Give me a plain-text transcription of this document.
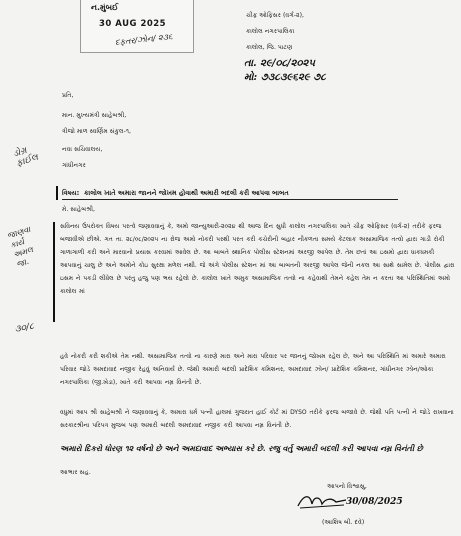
ન.મુંબઈ
30 AUG 2025
દફતર/ઝોન/ ૨૩૬
ચીફ ઓફિસર (વર્ગ-૨),
કાલોલ નગરપાલિકા
કાલોલ, જિ. પાટણ
તા. ૨૯/૦૮/૨૦૨૫
મો: ૭૩૮૩૯૬૨૯ ૭૮
પ્રતિ,
માન. મુખ્યમંત્રી સાહેબશ્રી,
ત્રીજો માળ સ્વર્ણિમ સંકુલ-૧,
નવા સચિવાલય,
ગાંધીનગર
ડોગ્ર
ફાઈલ
જાણવા
કાર્ય
અમલ
જા.
૩૦/૮
વિષય: કાલોલ ખાતે અમારા જાનને જોખમ હોવાથી અમારી બદલી કરી આપવા બાબત
મે. સાહેબશ્રી,
સવિનય ઉપરોક્ત વિષય પરત્વે જણાવવાનું કે, અમો જાન્યુઆરી-૨૦૨૪ થી આજ દિન સુધી કાલોલ નગરપાલિકા ખાતે ચીફ ઓફિસર (વર્ગ-૨) તરીકે ફરજ બજાવીએ છીએ. ગત તા. ૨૮/૦૮/૨૦૨૫ ના રોજ અમો નોકરી પરથી પરત કરી કચેરીની બહાર નીકળતા સમયે કેટલાક અસામાજિક તત્વો દ્વારા ગાડી રોકી ગાળાગાળી કરી અને મારવાનો પ્રયાસ કરવામાં આવેલ છે. આ બાબતે સ્થાનિક પોલીસ સ્ટેશનમાં અરજી આપેલ છે. તેમ છતાં આ ઇસમો દ્વારા ધાકધમકી આપવાનું ચાલુ છે અને અમોને કોઇ સુરક્ષા મળેલ નથી. જે અંગે પોલીસ સ્ટેશન માં આ બાબતની અરજી આપેલ જેની નકલ આ સાથે સામેલ છે. પોલીસ દ્વારા ઇસમ ને પકડી લીધેલ છે પરંતુ હજુ પણ ભય રહેલો છે. કાલોલ ખાતે અમુક અસામાજિક તત્વો ના કહેવાથી તેમને કહેલ તેમ ન કરતા આ પરિસ્થિતિમાં અમો કાલોલ માં
હવે નોકરી કરી શકીએ તેમ નથી. અસામાજિક તત્વો ના કારણે મારા અને મારા પરિવાર પર જાનનું જોખમ રહેલ છે, અને આ પરિસ્થિતિ માં અમારે અમારા પરિવાર જોડે અમદાવાદ નજીક રેહવું અનિવાર્ય છે. જેથી અમારી બદલી પ્રાદેશિક કમિશનર, અમદાવાદ ઝોન/ પ્રાદેશિક કમિશનર, ગાંધીનગર ઝોન/ઓકા નગરપાલિકા (જી.ખેડા), ખાતે કરી આપવા નમ્ર વિનંતી છે.
વધુમાં આપ શ્રી સાહેબશ્રી ને જણાવવાનું કે, અમારા ધર્મ પત્ની હાલમાં ગુજરાત હાઈ કોર્ટ માં DYSO તરીકે ફરજ બજાવે છે. જેથી પતિ પત્ની ને જોડે રાખવાના સરકારશ્રીના પરિપત્ર મુજબ પણ અમારી બદલી અમદાવાદ નજીક કરી આપવા નમ્ર વિનંતી છે.
અમારો દિકરો ધોરણ ૧૨ વર્ષનો છે અને અમદાવાદ અભ્યાસ કરે છે. રજુ વર્તુ અમારી બદલી કરી આપવા નમ્ર વિનંતી છે
આભાર સહ.
આપનો વિશ્વાસુ,
30/08/2025
(આશિષ બી. દવે)
